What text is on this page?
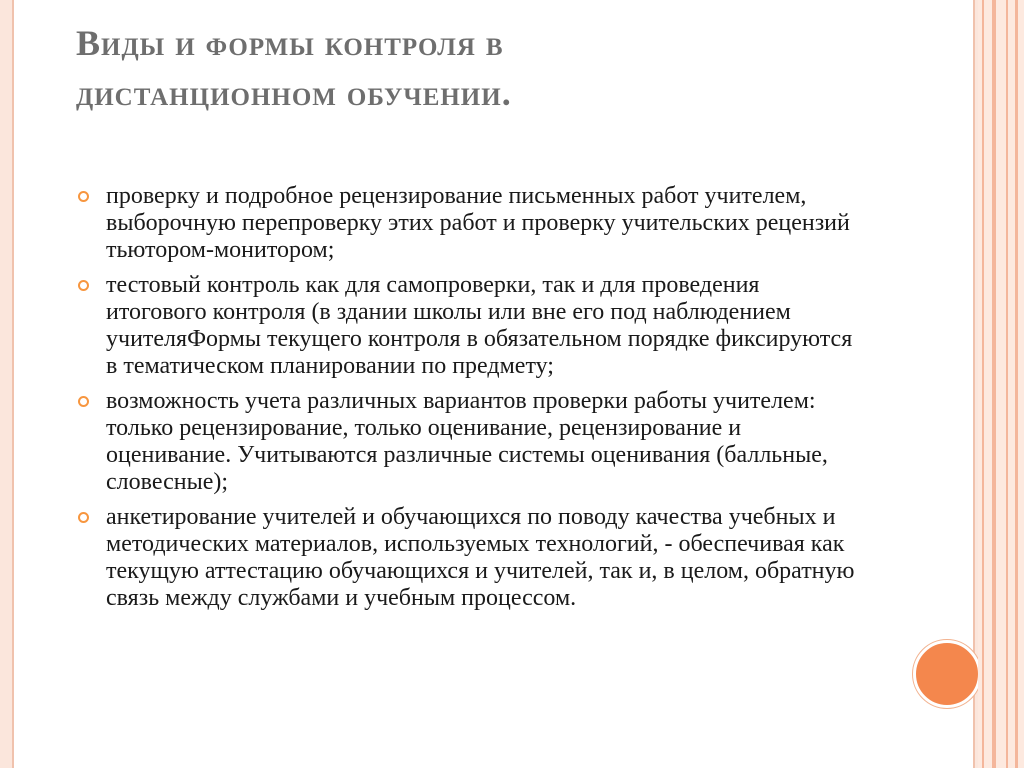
Виды и формы контроля в
дистанционном обучении.
проверку и подробное рецензирование письменных работ учителем, выборочную перепроверку этих работ и проверку учительских рецензий тьютором-монитором;
тестовый контроль как для самопроверки, так и для проведения итогового контроля (в здании школы или вне его под наблюдением учителяФормы текущего контроля в обязательном порядке фиксируются в тематическом планировании по предмету;
возможность учета различных вариантов проверки работы учителем: только рецензирование, только оценивание, рецензирование и оценивание. Учитываются различные системы оценивания (балльные, словесные);
анкетирование учителей и обучающихся по поводу качества учебных и методических материалов, используемых технологий, - обеспечивая как текущую аттестацию обучающихся и учителей, так и, в целом, обратную связь между службами и учебным процессом.
